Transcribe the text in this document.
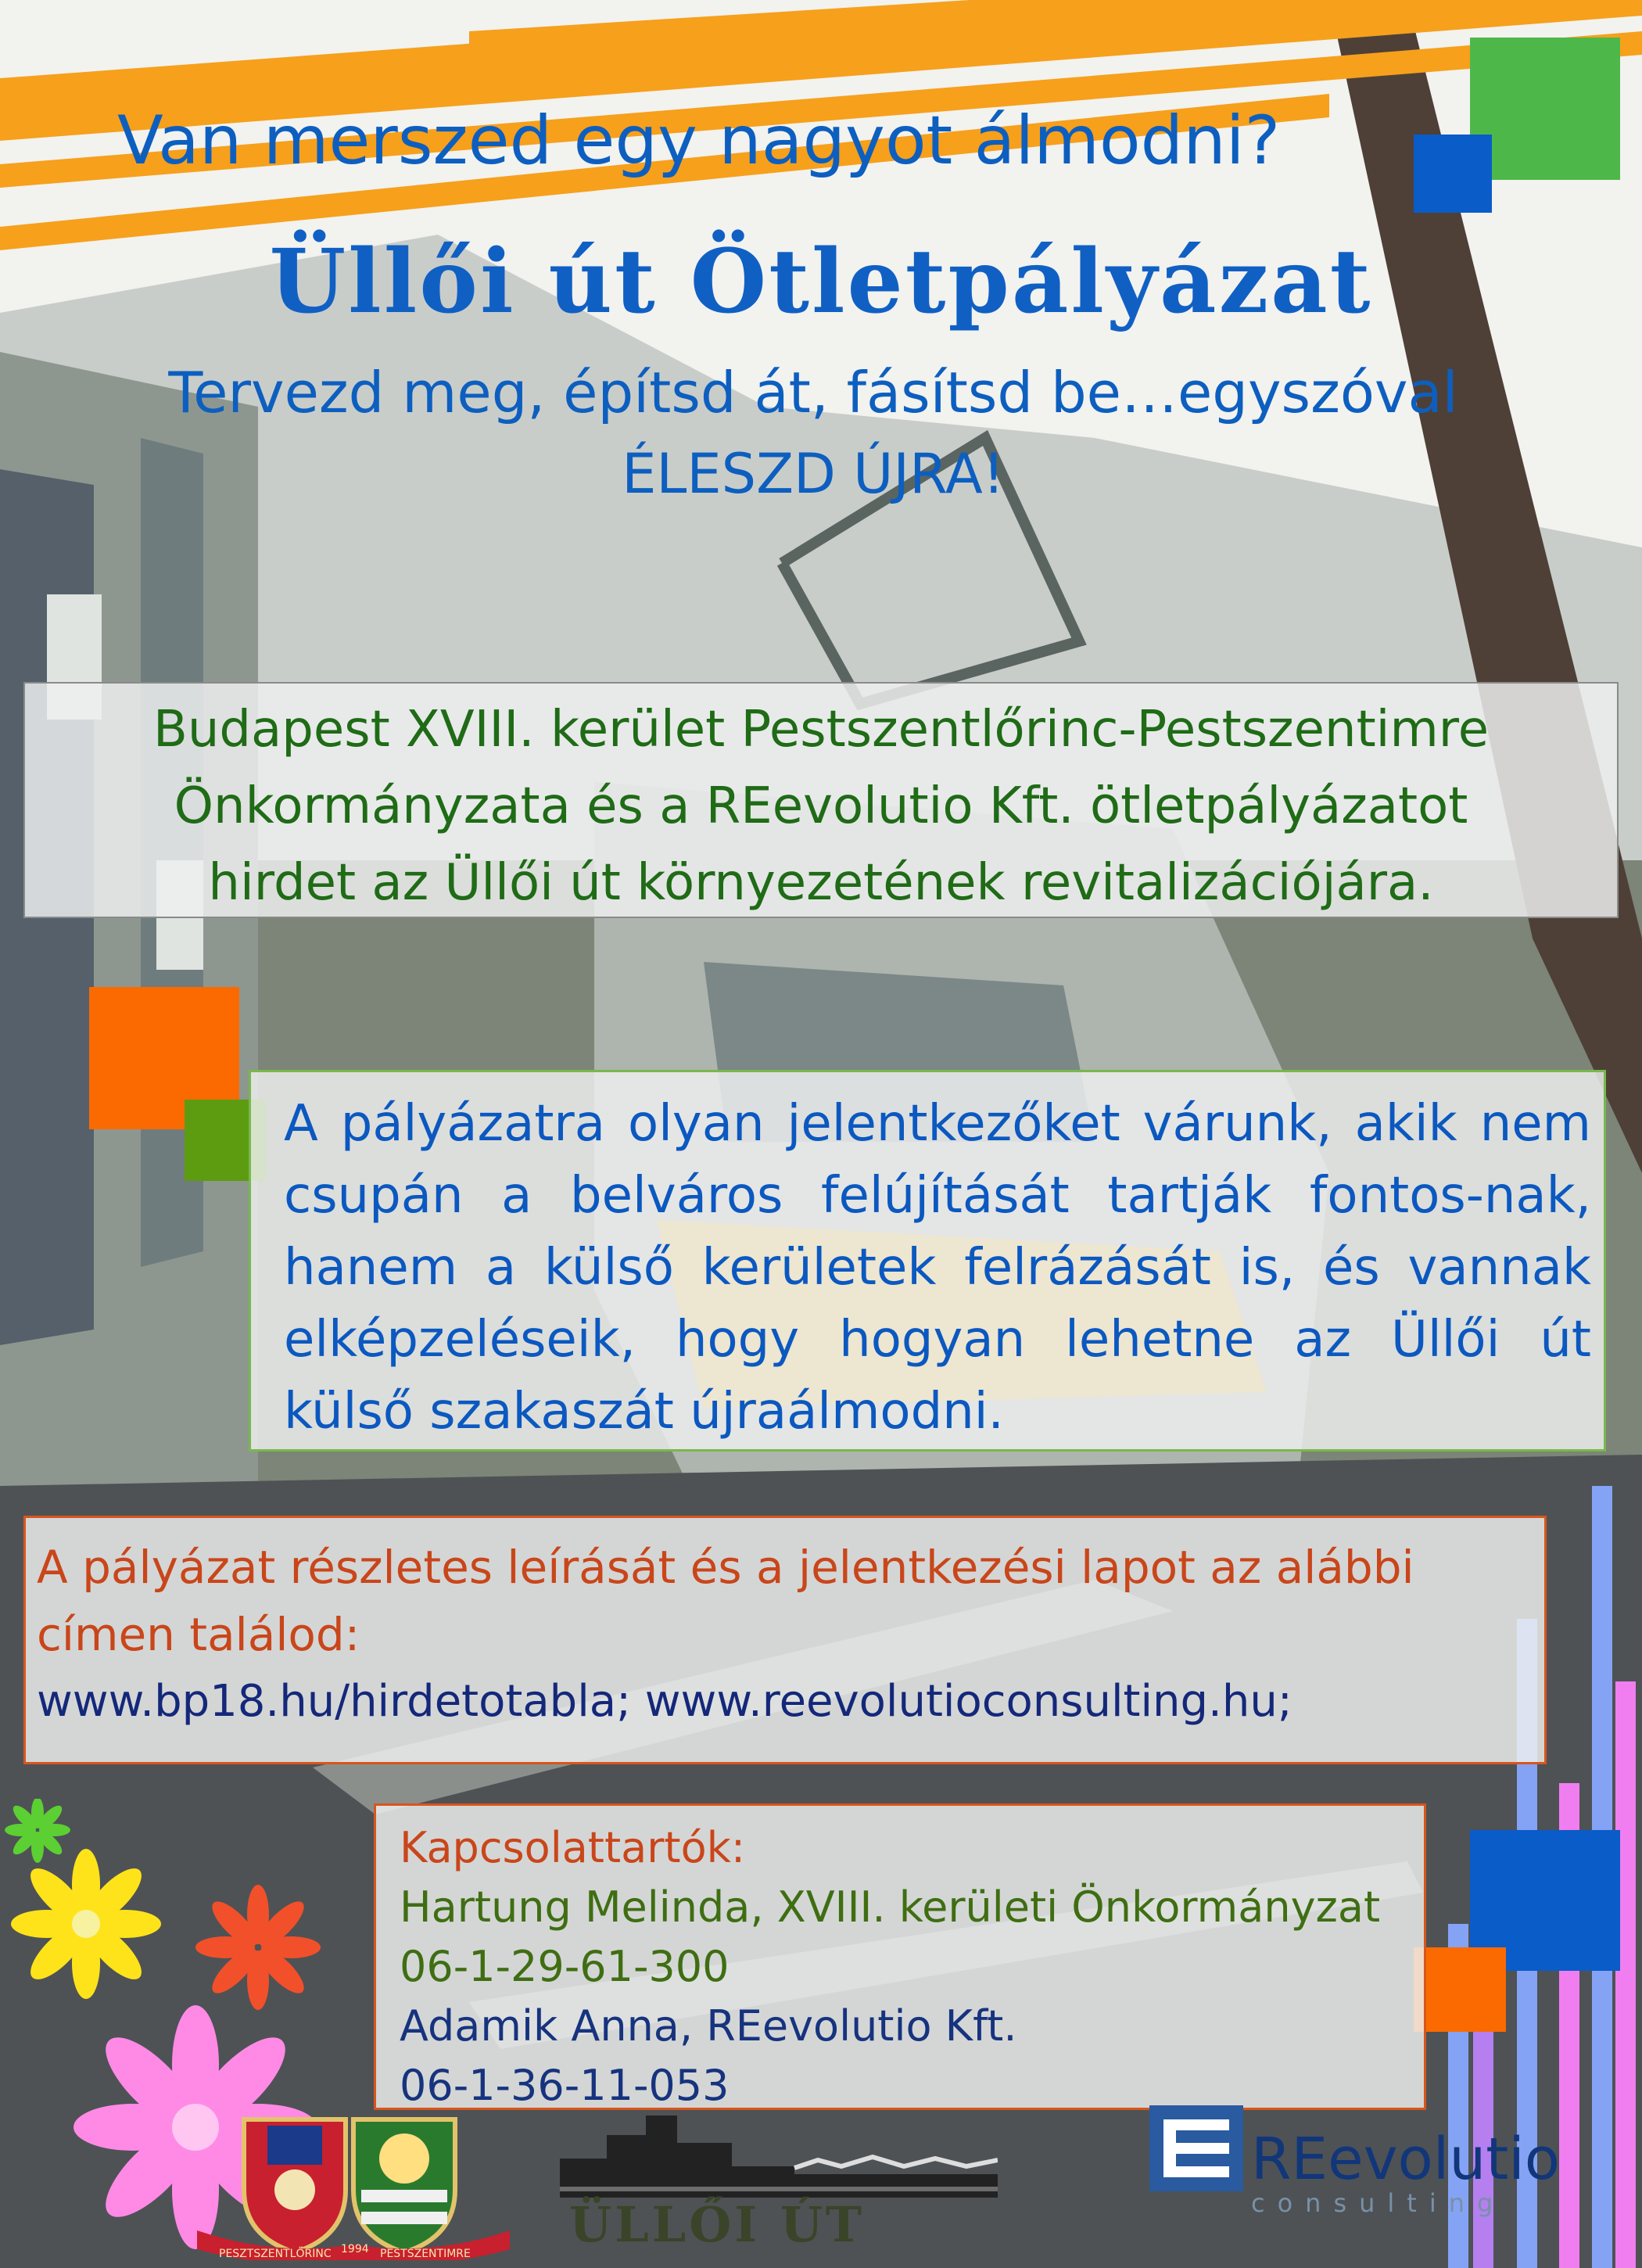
Van merszed egy nagyot álmodni?
Üllői út Ötletpályázat
Tervezd meg, építsd át, fásítsd be…egyszóval
ÉLESZD ÚJRA!
Budapest XVIII. kerület Pestszentlőrinc-Pestszentimre
Önkormányzata és a REevolutio Kft. ötletpályázatot
hirdet az Üllői út környezetének revitalizációjára.
A pályázatra olyan jelentkezőket várunk, akik nem csupán a belváros felújítását tartják fontos-nak, hanem a külső kerületek felrázását is, és vannak elképzeléseik, hogy hogyan lehetne az Üllői út külső szakaszát újraálmodni.
A pályázat részletes leírását és a jelentkezési lapot az alábbi
címen találod:
www.bp18.hu/hirdetotabla; www.reevolutioconsulting.hu;
Kapcsolattartók:
Hartung Melinda, XVIII. kerületi Önkormányzat
06-1-29-61-300
Adamik Anna, REevolutio Kft.
06-1-36-11-053
PESZTSZENTLŐRINC 1994 PESTSZENTIMRE
ÜLLŐI ÚT
REevolutio
consulting
